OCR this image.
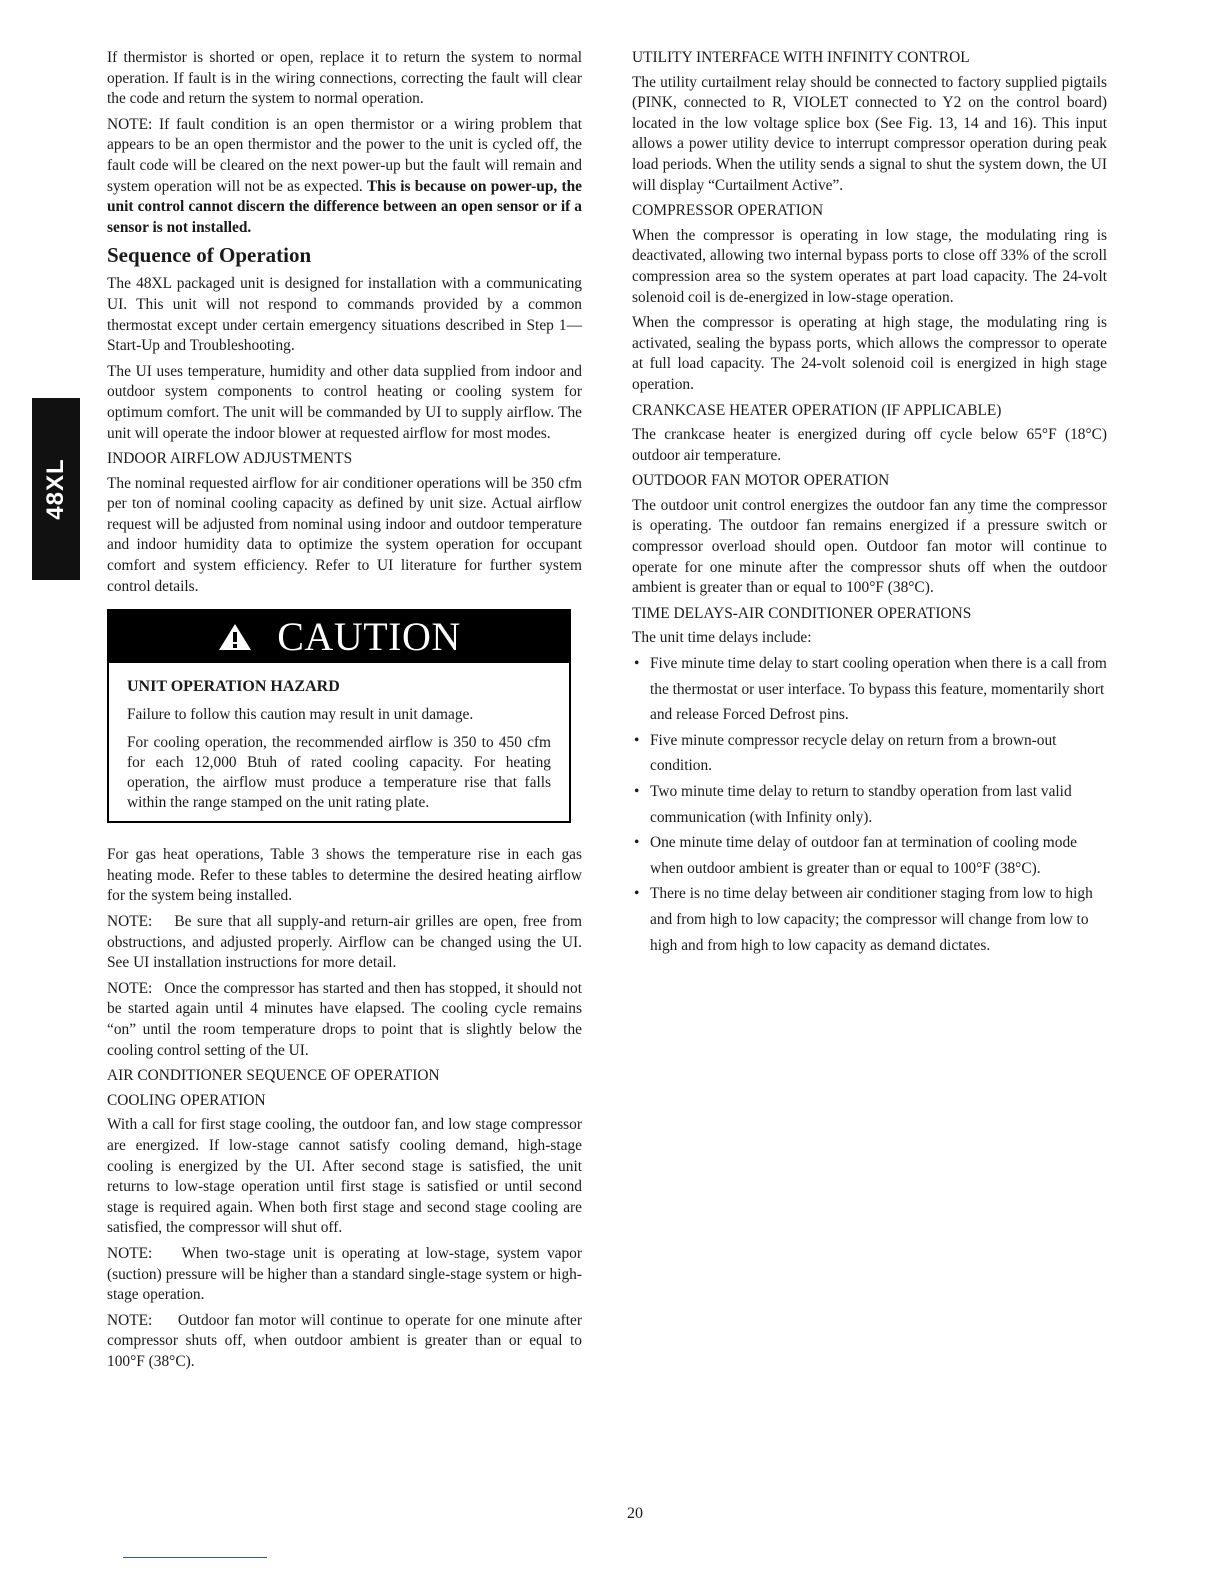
48XL

If thermistor is shorted or open, replace it to return the system to normal operation. If fault is in the wiring connections, correcting the fault will clear the code and return the system to normal operation.

NOTE: If fault condition is an open thermistor or a wiring problem that appears to be an open thermistor and the power to the unit is cycled off, the fault code will be cleared on the next power-up but the fault will remain and system operation will not be as expected. This is because on power-up, the unit control cannot discern the difference between an open sensor or if a sensor is not installed.

Sequence of Operation

The 48XL packaged unit is designed for installation with a communicating UI. This unit will not respond to commands provided by a common thermostat except under certain emergency situations described in Step 1—Start-Up and Troubleshooting.

The UI uses temperature, humidity and other data supplied from indoor and outdoor system components to control heating or cooling system for optimum comfort. The unit will be commanded by UI to supply airflow. The unit will operate the indoor blower at requested airflow for most modes.

INDOOR AIRFLOW ADJUSTMENTS

The nominal requested airflow for air conditioner operations will be 350 cfm per ton of nominal cooling capacity as defined by unit size. Actual airflow request will be adjusted from nominal using indoor and outdoor temperature and indoor humidity data to optimize the system operation for occupant comfort and system efficiency. Refer to UI literature for further system control details.

CAUTION
UNIT OPERATION HAZARD

Failure to follow this caution may result in unit damage.

For cooling operation, the recommended airflow is 350 to 450 cfm for each 12,000 Btuh of rated cooling capacity. For heating operation, the airflow must produce a temperature rise that falls within the range stamped on the unit rating plate.

For gas heat operations, Table 3 shows the temperature rise in each gas heating mode. Refer to these tables to determine the desired heating airflow for the system being installed.

NOTE: Be sure that all supply-and return-air grilles are open, free from obstructions, and adjusted properly. Airflow can be changed using the UI. See UI installation instructions for more detail.

NOTE: Once the compressor has started and then has stopped, it should not be started again until 4 minutes have elapsed. The cooling cycle remains “on” until the room temperature drops to point that is slightly below the cooling control setting of the UI.

AIR CONDITIONER SEQUENCE OF OPERATION

COOLING OPERATION

With a call for first stage cooling, the outdoor fan, and low stage compressor are energized. If low-stage cannot satisfy cooling demand, high-stage cooling is energized by the UI. After second stage is satisfied, the unit returns to low-stage operation until first stage is satisfied or until second stage is required again. When both first stage and second stage cooling are satisfied, the compressor will shut off.

NOTE: When two-stage unit is operating at low-stage, system vapor (suction) pressure will be higher than a standard single-stage system or high-stage operation.

NOTE: Outdoor fan motor will continue to operate for one minute after compressor shuts off, when outdoor ambient is greater than or equal to 100°F (38°C).

UTILITY INTERFACE WITH INFINITY CONTROL

The utility curtailment relay should be connected to factory supplied pigtails (PINK, connected to R, VIOLET connected to Y2 on the control board) located in the low voltage splice box (See Fig. 13, 14 and 16). This input allows a power utility device to interrupt compressor operation during peak load periods. When the utility sends a signal to shut the system down, the UI will display “Curtailment Active”.

COMPRESSOR OPERATION

When the compressor is operating in low stage, the modulating ring is deactivated, allowing two internal bypass ports to close off 33% of the scroll compression area so the system operates at part load capacity. The 24-volt solenoid coil is de-energized in low-stage operation.

When the compressor is operating at high stage, the modulating ring is activated, sealing the bypass ports, which allows the compressor to operate at full load capacity. The 24-volt solenoid coil is energized in high stage operation.

CRANKCASE HEATER OPERATION (IF APPLICABLE)

The crankcase heater is energized during off cycle below 65°F (18°C) outdoor air temperature.

OUTDOOR FAN MOTOR OPERATION

The outdoor unit control energizes the outdoor fan any time the compressor is operating. The outdoor fan remains energized if a pressure switch or compressor overload should open. Outdoor fan motor will continue to operate for one minute after the compressor shuts off when the outdoor ambient is greater than or equal to 100°F (38°C).

TIME DELAYS-AIR CONDITIONER OPERATIONS

The unit time delays include:

• Five minute time delay to start cooling operation when there is a call from the thermostat or user interface. To bypass this feature, momentarily short and release Forced Defrost pins.
• Five minute compressor recycle delay on return from a brown-out condition.
• Two minute time delay to return to standby operation from last valid communication (with Infinity only).
• One minute time delay of outdoor fan at termination of cooling mode when outdoor ambient is greater than or equal to 100°F (38°C).
• There is no time delay between air conditioner staging from low to high and from high to low capacity; the compressor will change from low to high and from high to low capacity as demand dictates.
20
